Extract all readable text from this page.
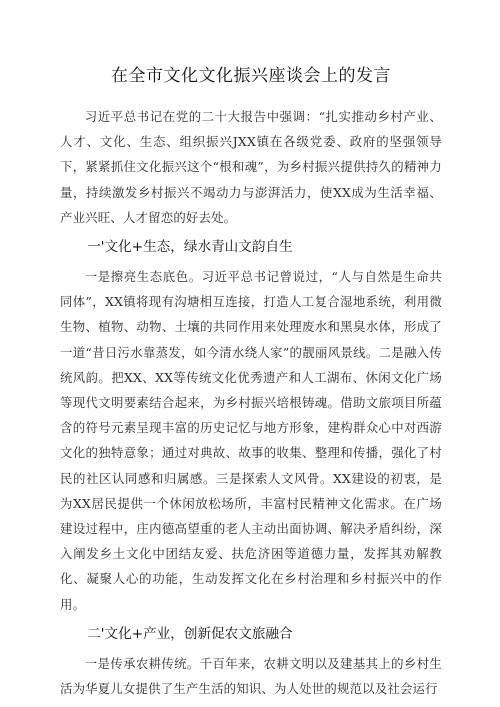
在全市文化文化振兴座谈会上的发言

习近平总书记在党的二十大报告中强调：“扎实推动乡村产业、人才、文化、生态、组织振兴JXX镇在各级党委、政府的坚强领导下，紧紧抓住文化振兴这个“根和魂”，为乡村振兴提供持久的精神力量，持续激发乡村振兴不竭动力与澎湃活力，使XX成为生活幸福、产业兴旺、人才留恋的好去处。

一'文化+生态，绿水青山文韵自生

一是擦亮生态底色。习近平总书记曾说过，“人与自然是生命共同体”，XX镇将现有沟塘相互连接，打造人工复合湿地系统，利用微生物、植物、动物、土壤的共同作用来处理废水和黑臭水体，形成了一道“昔日污水靠蒸发，如今清水绕人家”的靓丽风景线。二是融入传统风韵。把XX、XX等传统文化优秀遗产和人工湖布、休闲文化广场等现代文明要素结合起来，为乡村振兴培根铸魂。借助文旅项目所蕴含的符号元素呈现丰富的历史记忆与地方形象，建构群众心中对西游文化的独特意象；通过对典故、故事的收集、整理和传播，强化了村民的社区认同感和归属感。三是探索人文风骨。XX建设的初衷，是为XX居民提供一个休闲放松场所，丰富村民精神文化需求。在广场建设过程中，庄内德高望重的老人主动出面协调、解决矛盾纠纷，深入阐发乡土文化中团结友爱、扶危济困等道德力量，发挥其劝解教化、凝聚人心的功能，生动发挥文化在乡村治理和乡村振兴中的作用。

二'文化+产业，创新促农文旅融合

一是传承农耕传统。千百年来，农耕文明以及建基其上的乡村生活为华夏儿女提供了生产生活的知识、为人处世的规范以及社会运行
